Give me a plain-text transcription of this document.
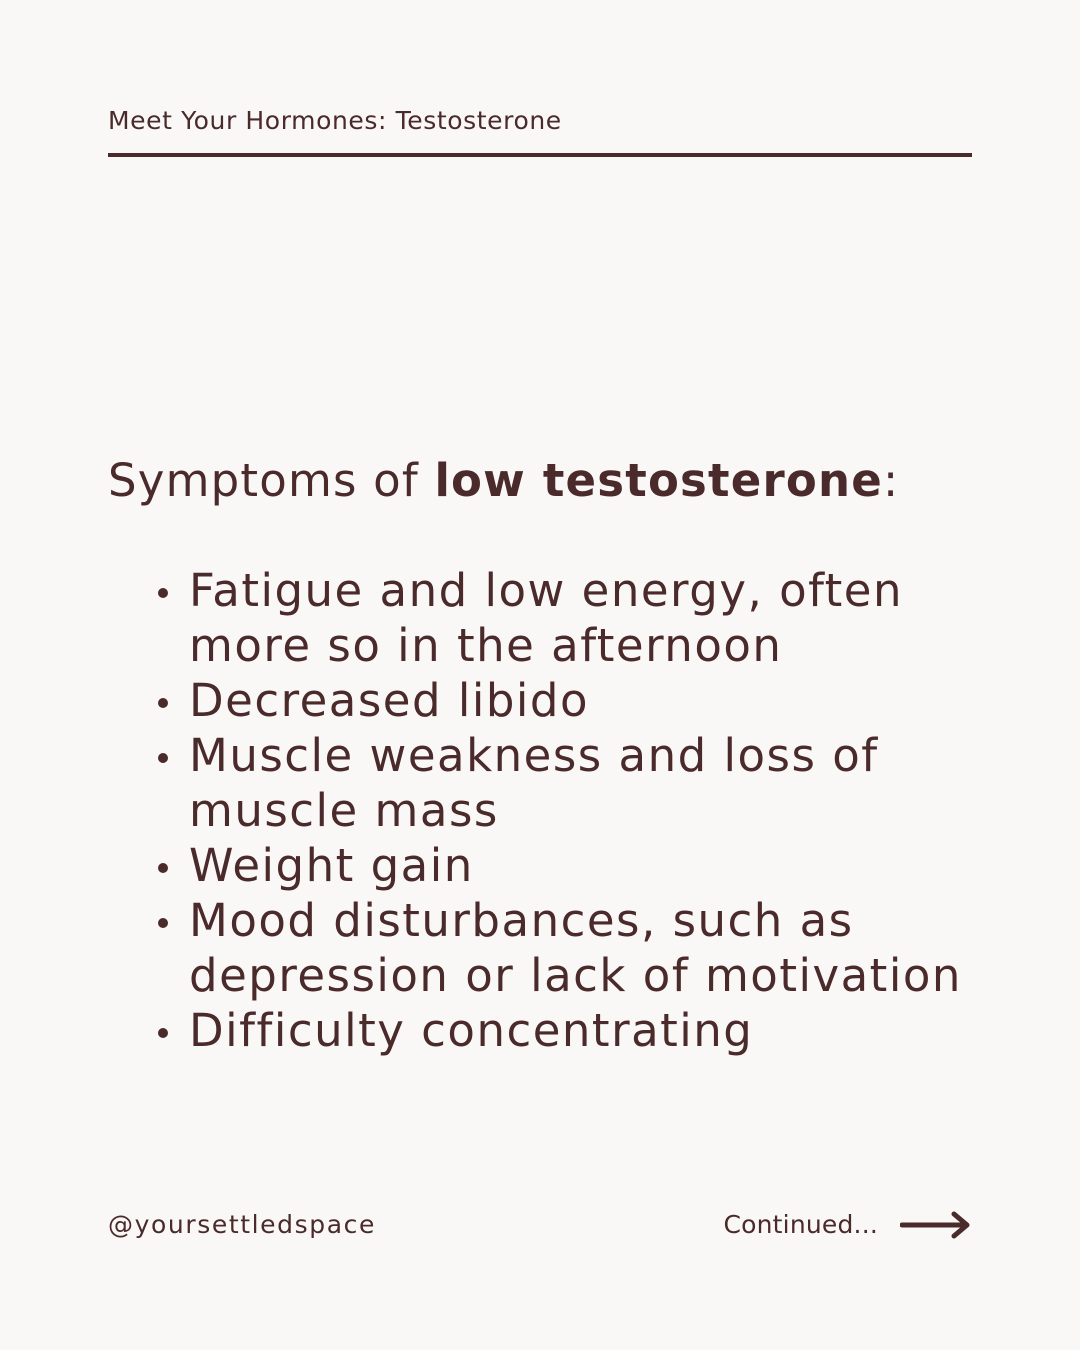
Meet Your Hormones: Testosterone
Symptoms of low testosterone:
Fatigue and low energy, often more so in the afternoon
Decreased libido
Muscle weakness and loss of muscle mass
Weight gain
Mood disturbances, such as depression or lack of motivation
Difficulty concentrating
@yoursettledspace	Continued...
